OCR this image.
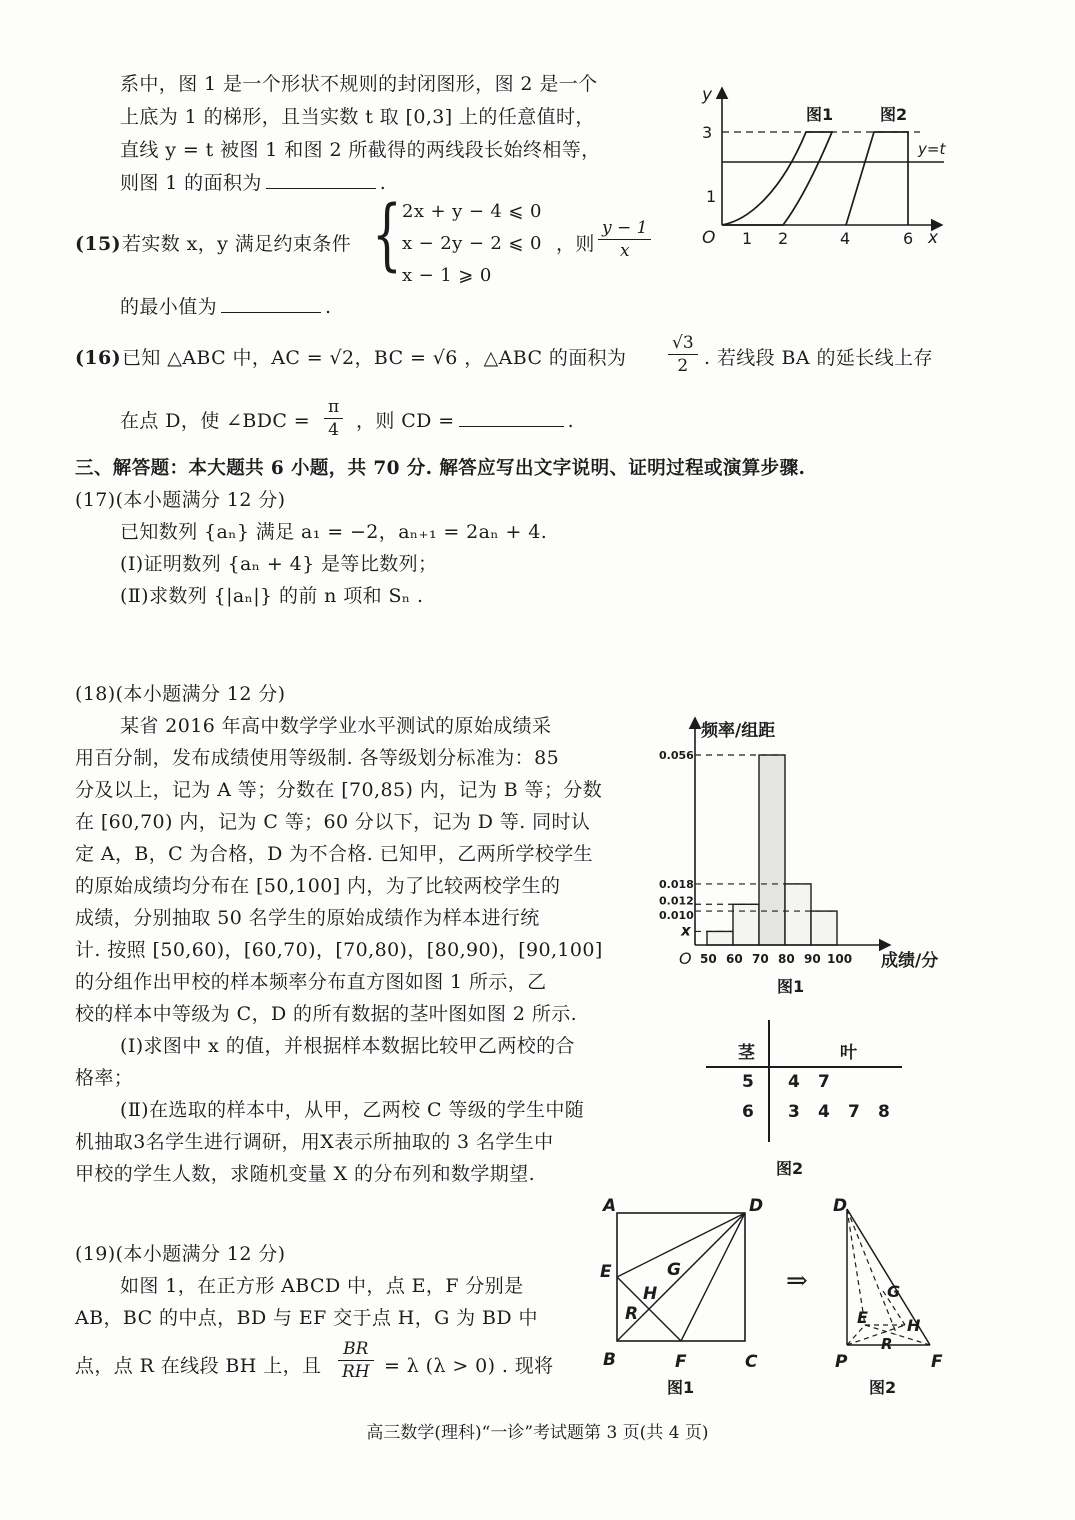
系中，图 1 是一个形状不规则的封闭图形，图 2 是一个
上底为 1 的梯形，且当实数 t 取 [0,3] 上的任意值时，
直线 y = t 被图 1 和图 2 所截得的两线段长始终相等，
则图 1 的面积为	.
y
x
O 1 2	4	6
1
3
图1	图2
y=t
(15) 若实数 x，y 满足约束条件 { 2x + y − 4 ⩽ 0
x − 2y − 2 ⩽ 0
x − 1 ⩾ 0
，则 $\frac{y - 1}{x}$
的最小值为	.
(16) 已知 △ABC 中，AC = √2，BC = √6 ，△ABC 的面积为 $\frac{√3}{2}$ . 若线段 BA 的延长线上存
在点 D，使 ∠BDC = $\frac{\pi}{4}$ ，则 CD =	.
三、解答题：本大题共 6 小题，共 70 分. 解答应写出文字说明、证明过程或演算步骤.
(17)(本小题满分 12 分)
已知数列 {aₙ} 满足 a₁ = −2，aₙ₊₁ = 2aₙ + 4.
(Ⅰ)证明数列 {aₙ + 4} 是等比数列；
(Ⅱ)求数列 {|aₙ|} 的前 n 项和 Sₙ .
(18)(本小题满分 12 分)
某省 2016 年高中数学学业水平测试的原始成绩采
用百分制，发布成绩使用等级制. 各等级划分标准为：85
分及以上，记为 A 等；分数在 [70,85) 内，记为 B 等；分数
在 [60,70) 内，记为 C 等；60 分以下，记为 D 等. 同时认
定 A，B，C 为合格，D 为不合格. 已知甲，乙两所学校学生
的原始成绩均分布在 [50,100] 内，为了比较两校学生的
成绩，分别抽取 50 名学生的原始成绩作为样本进行统
计. 按照 [50,60)，[60,70)，[70,80)，[80,90)，[90,100]
的分组作出甲校的样本频率分布直方图如图 1 所示，乙
校的样本中等级为 C，D 的所有数据的茎叶图如图 2 所示.
(Ⅰ)求图中 x 的值，并根据样本数据比较甲乙两校的合
格率；
(Ⅱ)在选取的样本中，从甲，乙两校 C 等级的学生中随
机抽取3名学生进行调研，用X表示所抽取的 3 名学生中
甲校的学生人数，求随机变量 X 的分布列和数学期望.
x
0.010
0.012
0.018
0.056
50 60 70 80 90 100
频率/组距
成绩/分
O
图1
茎	叶
5 4 7
6 3 4 7 8
图2
(19)(本小题满分 12 分)
如图 1，在正方形 ABCD 中，点 E，F 分别是
AB，BC 的中点，BD 与 EF 交于点 H，G 为 BD 中
点，点 R 在线段 BH 上，且 $\frac{BR}{RH} = \lambda$ (λ > 0) . 现将
A	D
E	G
H
R
B	F	C
图1
⇒
D
G
E H
R
P	F
图2
高三数学(理科)“一诊”考试题第 3 页(共 4 页)
